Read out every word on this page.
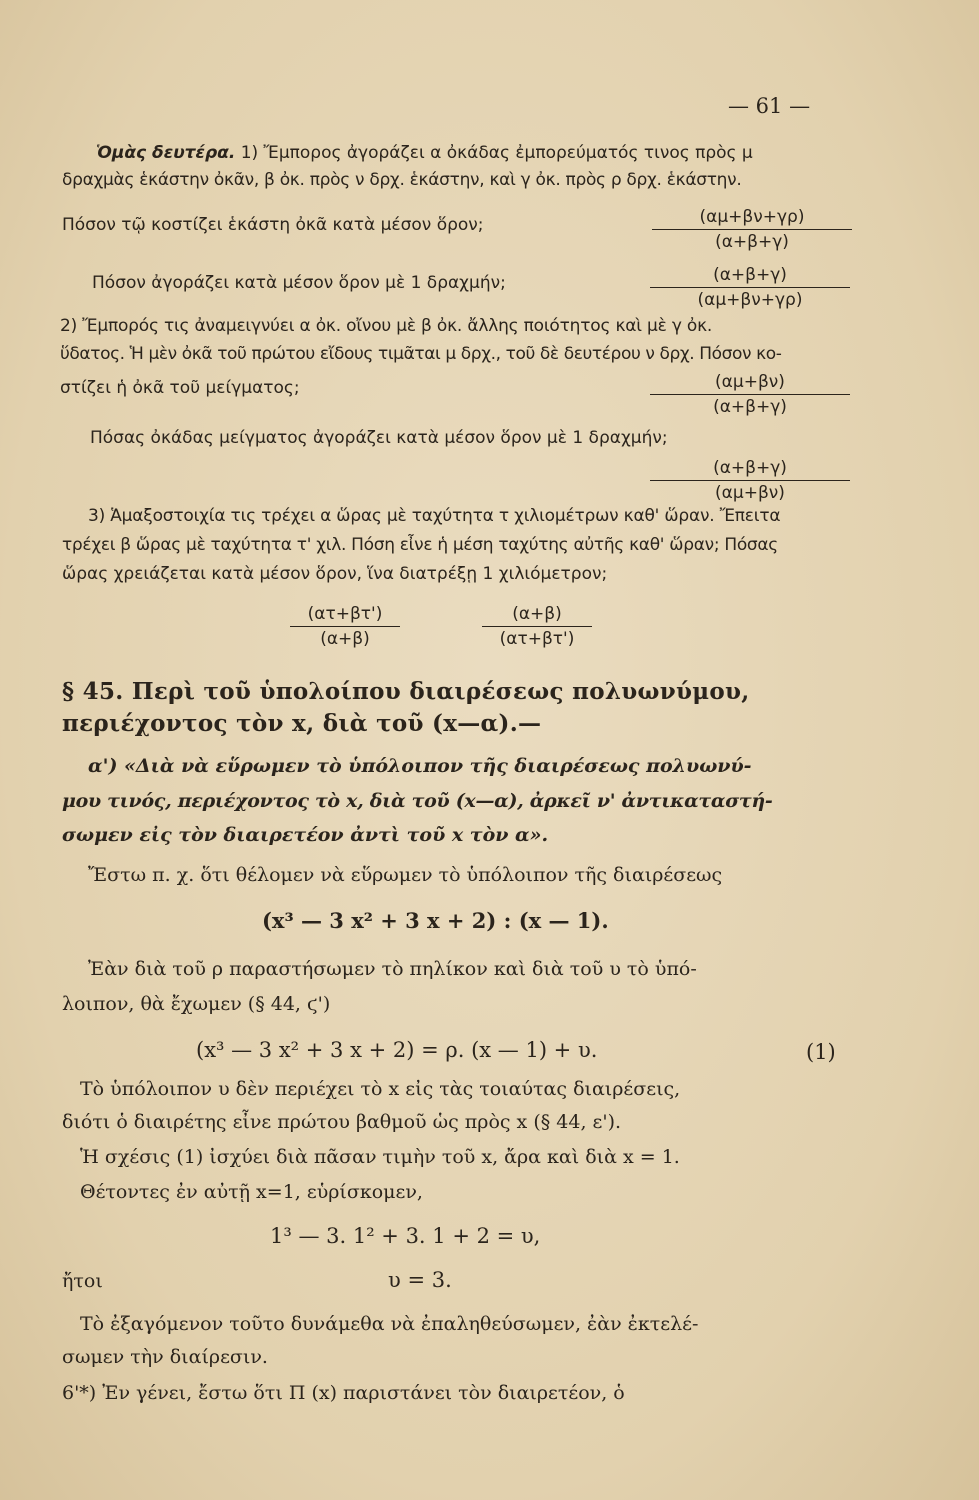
— 61 —
Ὁμὰς δευτέρα. 1) Ἔμπορος ἀγοράζει α ὀκάδας ἐμπορεύματός τινος πρὸς μ
δραχμὰς ἑκάστην ὀκᾶν, β ὀκ. πρὸς ν δρχ. ἑκάστην, καὶ γ ὀκ. πρὸς ρ δρχ. ἑκάστην.
Πόσον τῷ κοστίζει ἑκάστη ὀκᾶ κατὰ μέσον ὅρον;	(αμ+βν+γρ)
(α+β+γ)
Πόσον ἀγοράζει κατὰ μέσον ὅρον μὲ 1 δραχμήν;	(α+β+γ)
(αμ+βν+γρ)
2) Ἔμπορός τις ἀναμειγνύει α ὀκ. οἴνου μὲ β ὀκ. ἄλλης ποιότητος καὶ μὲ γ ὀκ.
ὕδατος. Ἡ μὲν ὀκᾶ τοῦ πρώτου εἴδους τιμᾶται μ δρχ., τοῦ δὲ δευτέρου ν δρχ. Πόσον κο-
στίζει ἡ ὀκᾶ τοῦ μείγματος;	(αμ+βν)
(α+β+γ)
Πόσας ὀκάδας μείγματος ἀγοράζει κατὰ μέσον ὅρον μὲ 1 δραχμήν;
(α+β+γ)
(αμ+βν)
3) Ἁμαξοστοιχία τις τρέχει α ὥρας μὲ ταχύτητα τ χιλιομέτρων καθ' ὥραν. Ἔπειτα
τρέχει β ὥρας μὲ ταχύτητα τ' χιλ. Πόση εἶνε ἡ μέση ταχύτης αὐτῆς καθ' ὥραν; Πόσας
ὥρας χρειάζεται κατὰ μέσον ὅρον, ἵνα διατρέξῃ 1 χιλιόμετρον;
(ατ+βτ')
(α+β)
(α+β)
(ατ+βτ')
§ 45. Περὶ τοῦ ὑπολοίπου διαιρέσεως πολυωνύμου,
περιέχοντος τὸν x, διὰ τοῦ (x—α).—
α') «Διὰ νὰ εὕρωμεν τὸ ὑπόλοιπον τῆς διαιρέσεως πολυωνύ-
μου τινός, περιέχοντος τὸ x, διὰ τοῦ (x—α), ἀρκεῖ ν' ἀντικαταστή-
σωμεν εἰς τὸν διαιρετέον ἀντὶ τοῦ x τὸν α».
Ἔστω π. χ. ὅτι θέλομεν νὰ εὕρωμεν τὸ ὑπόλοιπον τῆς διαιρέσεως
(x³ — 3 x² + 3 x + 2) : (x — 1).
Ἐὰν διὰ τοῦ ρ παραστήσωμεν τὸ πηλίκον καὶ διὰ τοῦ υ τὸ ὑπό-
λοιπον, θὰ ἔχωμεν (§ 44, ϛ')
(x³ — 3 x² + 3 x + 2) = ρ. (x — 1) + υ.	(1)
Τὸ ὑπόλοιπον υ δὲν περιέχει τὸ x εἰς τὰς τοιαύτας διαιρέσεις,
διότι ὁ διαιρέτης εἶνε πρώτου βαθμοῦ ὡς πρὸς x (§ 44, ε').
Ἡ σχέσις (1) ἰσχύει διὰ πᾶσαν τιμὴν τοῦ x, ἄρα καὶ διὰ x = 1.
Θέτοντες ἐν αὐτῇ x=1, εὑρίσκομεν,
1³ — 3. 1² + 3. 1 + 2 = υ,
ἤτοι	υ = 3.
Τὸ ἐξαγόμενον τοῦτο δυνάμεθα νὰ ἐπαληθεύσωμεν, ἐὰν ἐκτελέ-
σωμεν τὴν διαίρεσιν.
6'*) Ἐν γένει, ἔστω ὅτι Π (x) παριστάνει τὸν διαιρετέον, ὁ
